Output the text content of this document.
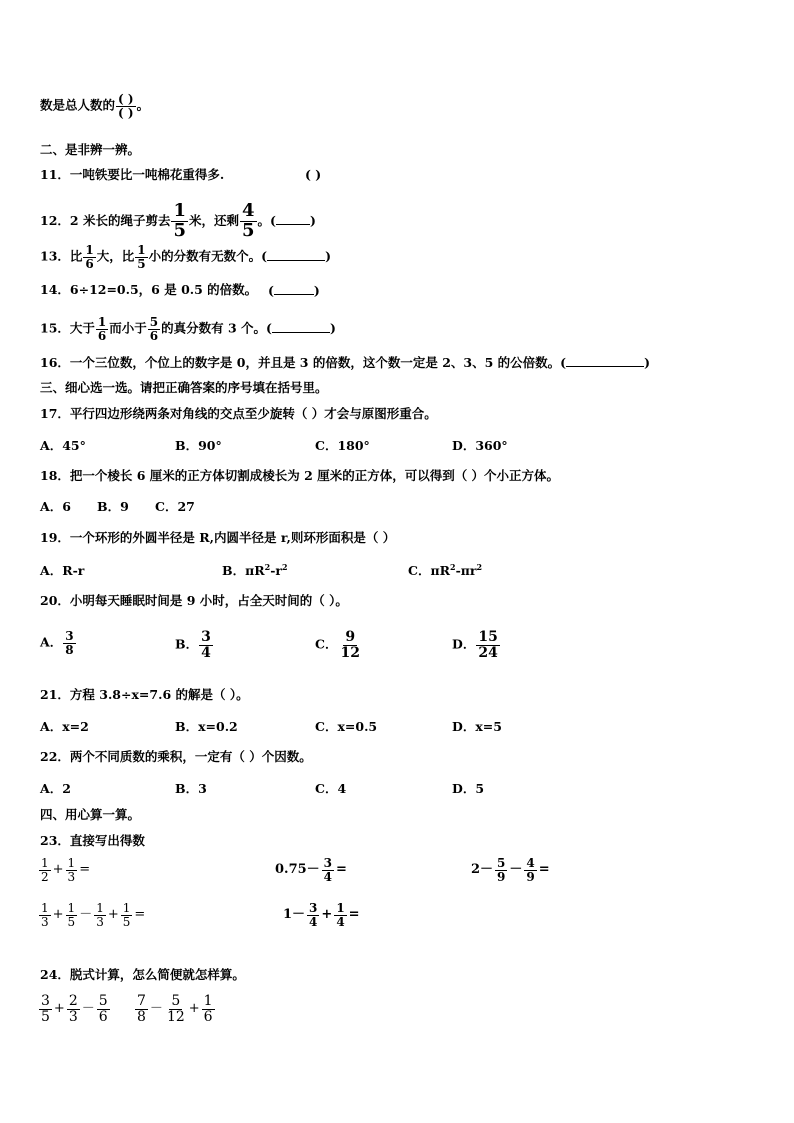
数是总人数的 $\frac{( )}{( )}$ 。
二、是非辨一辨。
11．一吨铁要比一吨棉花重得多.	( )
12．2 米长的绳子剪去 $\frac{1}{5}$ 米，还剩 $\frac{4}{5}$ 。(	)
13．比 $\frac{1}{6}$ 大，比 $\frac{1}{5}$ 小的分数有无数个。(	)
14．6÷12=0.5，6 是 0.5 的倍数。 (	)
15．大于 $\frac{1}{6}$ 而小于 $\frac{5}{6}$ 的真分数有 3 个。(	)
16．一个三位数，个位上的数字是 0，并且是 3 的倍数，这个数一定是 2、3、5 的公倍数。(	)
三、细心选一选。请把正确答案的序号填在括号里。
17．平行四边形绕两条对角线的交点至少旋转（ ）才会与原图形重合。
A．45°	B．90°	C．180°	D．360°
18．把一个棱长 6 厘米的正方体切割成棱长为 2 厘米的正方体，可以得到（ ）个小正方体。
A．6 B．9 C．27
19．一个环形的外圆半径是 R,内圆半径是 r,则环形面积是（ ）
A．R-r	B．$\pi R^2-r^2$	C．$\pi R^2-\pi r^2$
20．小明每天睡眠时间是 9 小时，占全天时间的（ ）。
A． $\frac{3}{8}$	B． $\frac{3}{4}$	C． $\frac{9}{12}$	D． $\frac{15}{24}$
21．方程 3.8÷x=7.6 的解是（ ）。
A．x=2	B．x=0.2	C．x=0.5	D．x=5
22．两个不同质数的乘积，一定有（ ）个因数。
A．2	B．3	C．4	D．5
四、用心算一算。
23．直接写出得数
$\frac{1}{2} + \frac{1}{3}$ =	$0.75- \frac{3}{4}$ =	$2- \frac{5}{9} - \frac{4}{9}$ =
$\frac{1}{3} + \frac{1}{5} - \frac{1}{3} + \frac{1}{5}$ =	$1- \frac{3}{4} + \frac{1}{4}$ =
24．脱式计算，怎么简便就怎样算。
$\frac{3}{5} + \frac{2}{3} - \frac{5}{6} \frac{7}{8} - \frac{5}{12} + \frac{1}{6}$
